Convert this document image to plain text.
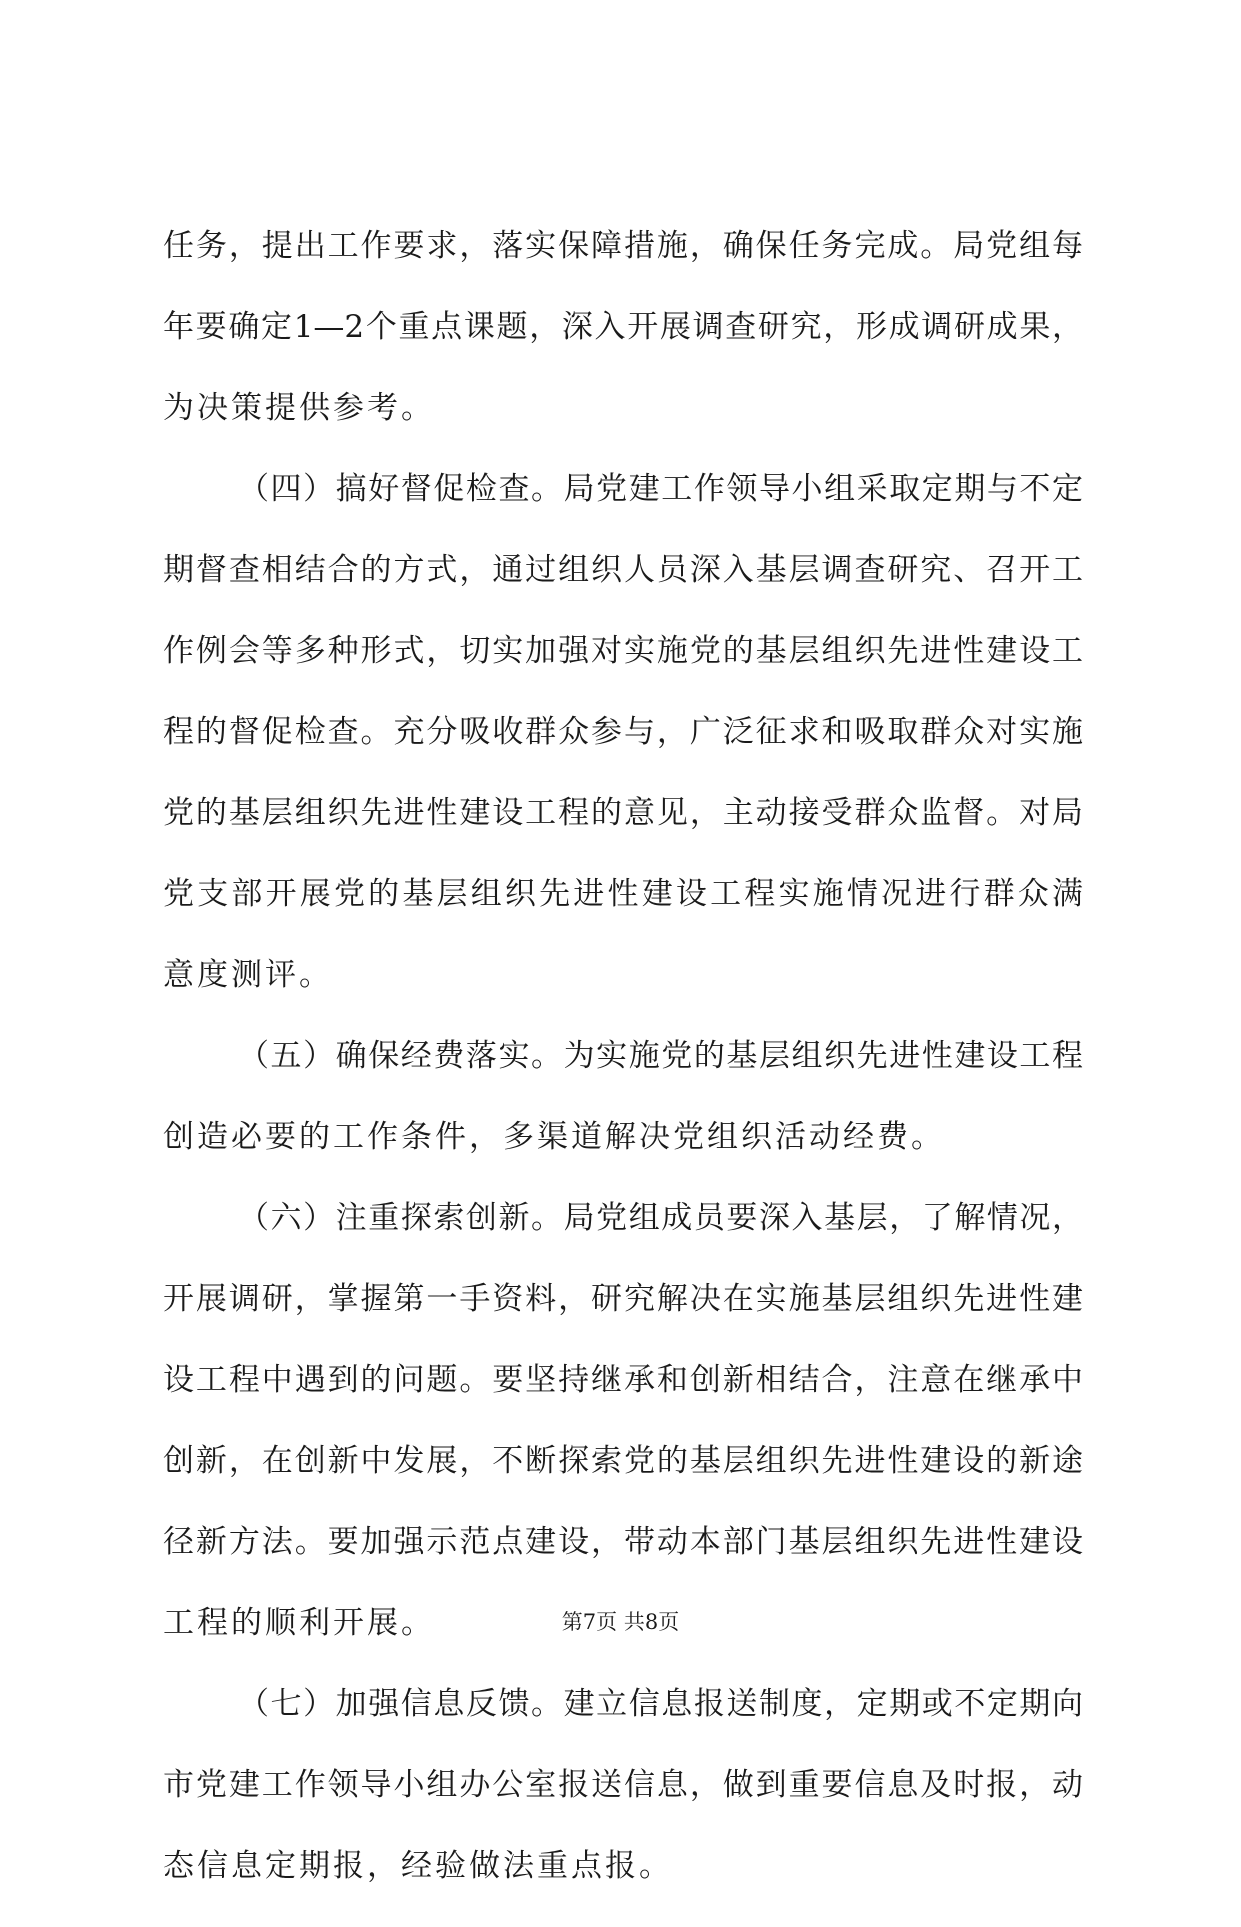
任务，提出工作要求，落实保障措施，确保任务完成。局党组每
年要确定1—2个重点课题，深入开展调查研究，形成调研成果，
为决策提供参考。
（四）搞好督促检查。局党建工作领导小组采取定期与不定
期督查相结合的方式，通过组织人员深入基层调查研究、召开工
作例会等多种形式，切实加强对实施党的基层组织先进性建设工
程的督促检查。充分吸收群众参与，广泛征求和吸取群众对实施
党的基层组织先进性建设工程的意见，主动接受群众监督。对局
党支部开展党的基层组织先进性建设工程实施情况进行群众满
意度测评。
（五）确保经费落实。为实施党的基层组织先进性建设工程
创造必要的工作条件，多渠道解决党组织活动经费。
（六）注重探索创新。局党组成员要深入基层，了解情况，
开展调研，掌握第一手资料，研究解决在实施基层组织先进性建
设工程中遇到的问题。要坚持继承和创新相结合，注意在继承中
创新，在创新中发展，不断探索党的基层组织先进性建设的新途
径新方法。要加强示范点建设，带动本部门基层组织先进性建设
工程的顺利开展。
（七）加强信息反馈。建立信息报送制度，定期或不定期向
市党建工作领导小组办公室报送信息，做到重要信息及时报，动
态信息定期报，经验做法重点报。
第7页 共8页
